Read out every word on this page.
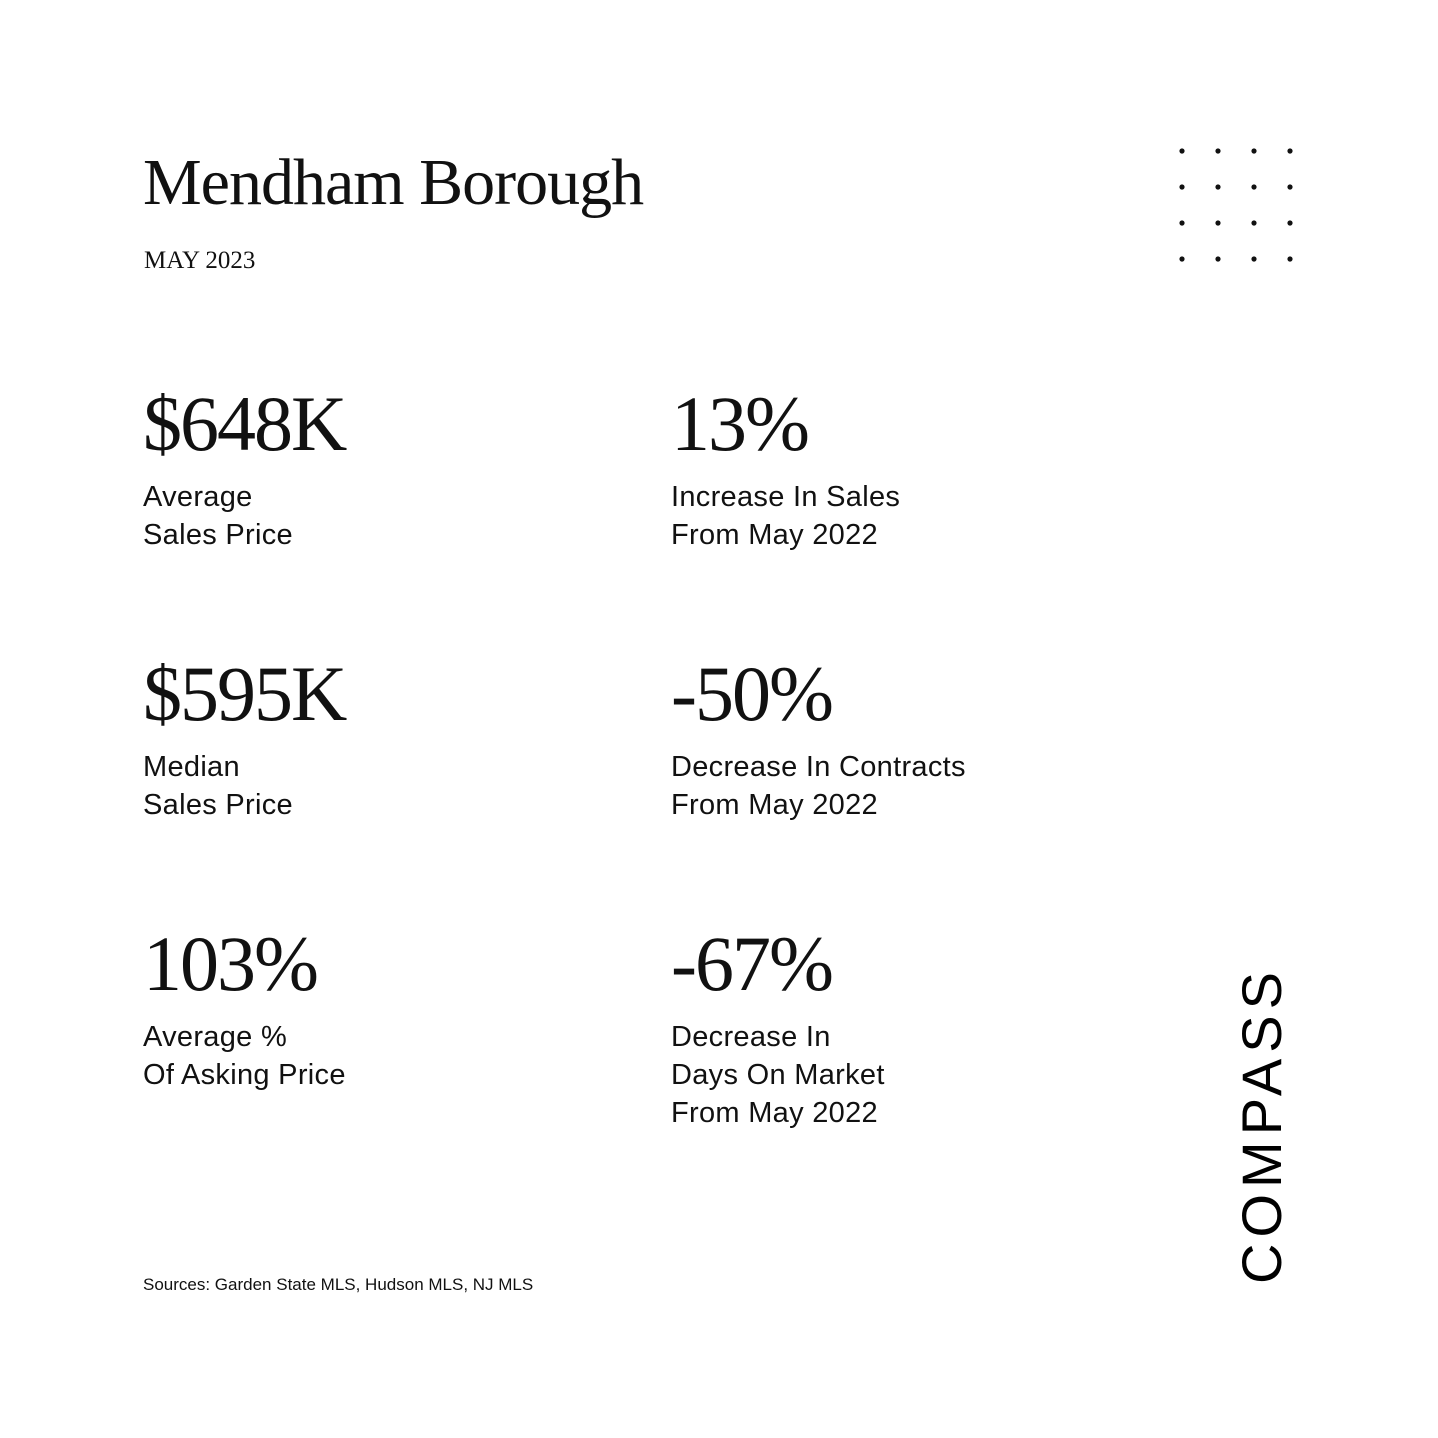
Mendham Borough
MAY 2023
$648K
Average
Sales Price
13%
Increase In Sales
From May 2022
$595K
Median
Sales Price
-50%
Decrease In Contracts
From May 2022
103%
Average %
Of Asking Price
-67%
Decrease In
Days On Market
From May 2022
Sources: Garden State MLS, Hudson MLS, NJ MLS
COMPASS
